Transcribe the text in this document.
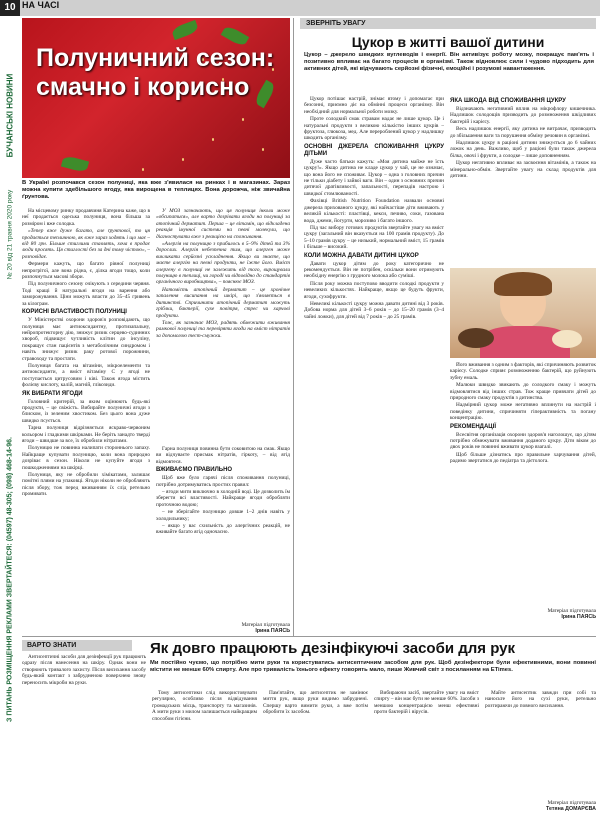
10 НА ЧАСІ
БУЧАНСЬКІ НОВИНИ
№ 20 від 21 травня 2020 року
З ПИТАНЬ РОЗМІЩЕННЯ РЕКЛАМИ ЗВЕРТАЙТЕСЯ: (04597) 48-305; (098) 468-14-96.
Полуничний сезон: смачно і корисно
В Україні розпочався сезон полуниці, яка вже з'явилася на ринках і в магазинах. Зараз можна купити здебільшого ягоду, яка вирощена в теплицях. Вона дорожча, ніж звичайна ґрунтова.

На місцевому ринку продавчиня Катерина каже, що в неї продається одеська полуниця, вона більша за розміром і вже солодка.

«Тепер вже дуже багато, але ґрунтової, то ця продається тепличною, як вже зараз ходять і що має – від 80 грн. Більше стиглими ставлять, хоча в продає люди просять. Ця стиглості без за дні тому чістою», – розповідає.

Фермери кажуть, що багато рівної полуниці непрогрітої, але вона рідна, є, ділка ягоди тощо, коли розпочнуться масові збори.

Під полуничного сезону очікують з середини червня. Тоді кращі й натуральні ягоди на варення або заморожування. Ціни можуть впасти до 35–45 гривень за кілограм.

КОРИСНІ ВЛАСТИВОСТІ ПОЛУНИЦІ

У Міністерстві охорони здоров'я розповідають, що полуниця має антиоксидантну, протизапальну, нейропротекторну дію, знижує ризик серцево-судинних хвороб, підвищує чутливість клітин до інсуліну, покращує стан пацієнтів з метаболічним синдромом і навіть знижує ризик раку ротової порожнини, стравоходу та простати.

Полуниця багата на вітаміни, мікроелементи та антиоксиданти, а вміст вітаміну С у ягоді не поступається цитрусовим і ківі. Також ягода містить фолієву кислоту, калій, магній, глікозиди.

ЯК ВИБРАТИ ЯГОДИ

Головний критерій, за яким оцінюють будь-які продукти, – це свіжість. Вибирайте полуничні ягоди з блиском, із зеленим хвостиком. Без цього вона дуже швидко псується.

Тарна полуниця відрізняється яскраво-червоним кольором і гладкими шкірками. Не беріть занадто тверді ягоди – швидше за все, їх обробили нітратами.

Полуницю не повинна налипати стороннього запаху. Найкраще купувати полуницю, коли вона природно дозріває в сезон. Ніколи не купуйте ягоди з пошкодженнями на шкірці.

Полуниця, яку не обробили хімікатами, залишає помітні плями на упаковці. Ягоди ніколи не обробляють після збору, тож перед вживанням їх слід ретельно промивати.

У МОЗ зазначають, що ця полуниця інколи може «обсипатися», але варто дозрівати ягоди на полуниці за атопічний дерматит. Перша – це вітамін, що відкладена реакція імунної системи на певні молекули, що діагностувати вже з реакцією на споживання.

«Алергія на полуницю з прибилось в 5–9% дітей та 3% дорослих. Алергія небезпечна тим, що алерген може викликати серйозні ускладнення. Якщо ви знаєте, що маєте алергію на певні продукти, не їжте його. Вміст алергену в полуниці не залежить від того, вирощували полуницю в теплиці, чи городі чи відповідно до стандартів органічного виробництва», – пояснює МОЗ.

Натомість атопічний дерматит – це хронічне запалення висипання на шкірі, що з'являється в дитинстві. Спричинити атопічний дерматит можуть гріблки, бактерії, сухе повітря, стрес чи харчові продукти.

Тож, як зазначає МОЗ, радять обмежити вживання рамкової полуниці та перевіряти ягоди на вміст нітратів за допомогою тест-смужки.

Гарна полуниця повинна бути соковитою на смак. Якщо ви відчуваєте присмак нітратів, гіркоту, – від ягід відмовтеся.

ВЖИВАЄМО ПРАВИЛЬНО

Щоб вже було гарячі після споживання полуниці, потрібно дотримуватись простих правил:

– ягоди мити виключно в холодній воді. Це дозволить їм зберегти всі властивості. Найкраще ягоди обробляти проточною водою;

– не зберігайте полуницю довше 1–2 днів навіть у холодильнику;

– якщо у вас схильність до алергічних реакцій, не вживайте багато ягід одночасно.

Матеріал підготувала
Ірина ПАЯСЬ
ЗВЕРНІТЬ УВАГУ
Цукор в житті вашої дитини
Цукор – джерело швидких вуглеводів і енергії. Він активізує роботу мозку, покращує пам'ять і позитивно впливає на багато процесів в організмі. Також відновлює сили і чудово підходить для активних дітей, які відчувають серйозні фізичні, емоційні і розумові навантаження.

Цукор потішає настрій, знімає втому і допомагає при безсонні, приємно діє на обмінні процеси організму. Він необхідний для нормальної роботи мозку.

Проте солодкий смак стравам надає не лише цукор. Це і натуральні продукти з великою кількістю інших цукрів – фруктоза, глюкоза, мед. Але перероблений цукор у надлишку шкодить організму.

ОСНОВНІ ДЖЕРЕЛА СПОЖИВАННЯ ЦУКРУ ДІТЬМИ

Дуже часто батьки кажуть: «Моя дитина майже не їсть цукру!». Якщо дитина не кладе цукор у чай, це не означає, що вона його не споживає. Цукор – одна з головних причин не тільки діабету і зайвої ваги. Він – один з основних причин дитячої дратівливості, запальності, перепадів настрою і швидкої стомлюваності.

Фахівці British Nutrition Foundation назвали основні джерела прихованого цукру, які найчастіше діти вживають у великій кількості: пластівці, кекси, печиво, соки, газована вода, джеми, йогурти, морозиво і багато іншого.

Під час вибору готових продуктів звертайте увагу на вміст цукру (загальний він вказується на 100 грамів продукту). До 5–10 грамів цукру – це низький, нормальний вміст, 15 грамів і більше – високий.

КОЛИ МОЖНА ДАВАТИ ДИТИНІ ЦУКОР

Давати цукор дітям до року категорично не рекомендується. Він не потрібен, оскільки вони отримують необхідну енергію з грудного молока або суміші.

Після року можна поступово вводити солодкі продукти у невеликих кількостях. Найкраще, якщо це будуть фрукти, ягоди, сухофрукти.

Невеликі кількості цукру можна давати дитині від 3 років. Добова норма для дітей 3–6 років – до 15–20 грамів (3–4 чайні ложки), для дітей від 7 років – до 25 грамів.

ЯКА ШКОДА ВІД СПОЖИВАННЯ ЦУКРУ

Відзначають негативний вплив на мікрофлору кишечника. Надлишок солодощів призводить до розмноження шкідливих бактерій і карієсу.

Весь надлишок енергії, яку дитина не витрачає, призводить до збільшення ваги та порушення обміну речовин в організмі.

Надлишок цукру в раціоні дитини знижується до 6 чайних ложок на день. Важливо, щоб у раціоні були також джерела білка, овочі і фрукти, а солодке – лише доповненням.

Цукор негативно впливає на засвоєння вітамінів, а також на мінерально-обмін. Звертайте увагу на склад продуктів для дитини.

Його вживання з одним з факторів, які спричиняють розвиток карієсу. Солодке сприяє розмноженню бактерій, що руйнують зубну емаль.

Малюки швидко звикають до солодкого смаку і можуть відмовлятися від інших страв. Тож краще привчати дітей до природного смаку продуктів з дитинства.

Надмірний цукор може негативно вплинути на настрій і поведінку дитини, спричиняти гіперактивність та погану концентрацію.

РЕКОМЕНДАЦІЇ

Всесвітня організація охорони здоров'я наголошує, що дітям потрібно обмежувати вживання доданого цукру. Діти віком до двох років не повинні вживати цукор взагалі.

Щоб більше дізнатись про правильне харчування дітей, радимо звертатися до педіатра та дієтолога.

Матеріал підготувала
Ірина ПАЯСЬ
ВАРТО ЗНАТИ	Як довго працюють дезінфікуючі засоби для рук
Ми постійно чуємо, що потрібно мити руки та користуватись антисептичним засобом для рук. Щоб дезінфектори були ефективними, вони повинні містити не менше 60% спирту. Але про тривалість їхнього ефекту говорять мало, пише Живчий світ з посиланням на ETimes.

Антисептичні засоби для дезінфекції рук працюють одразу після нанесення на шкіру. Однак вони не створюють тривалого захисту. Після висихання засобу будь-який контакт з забрудненою поверхнею знову переносить мікроби на руки.

Тому антисептики слід використовувати регулярно, особливо після відвідування громадських місць, транспорту та магазинів. А мити руки з милом залишається найкращим способом гігієни.

Пам'ятайте, що антисептик не замінює миття рук, якщо руки видимо забруднені. Спершу варто вимити руки, а вже потім обробити їх засобом.

Вибираючи засіб, звертайте увагу на вміст спирту – він має бути не менше 60%. Засоби з меншою концентрацією менш ефективні проти бактерій і вірусів.

Майте антисептик завжди при собі та наносьте його на сухі руки, ретельно розтираючи до повного висихання.

Матеріал підготувала
Тетяна ДОМАРЄВА
